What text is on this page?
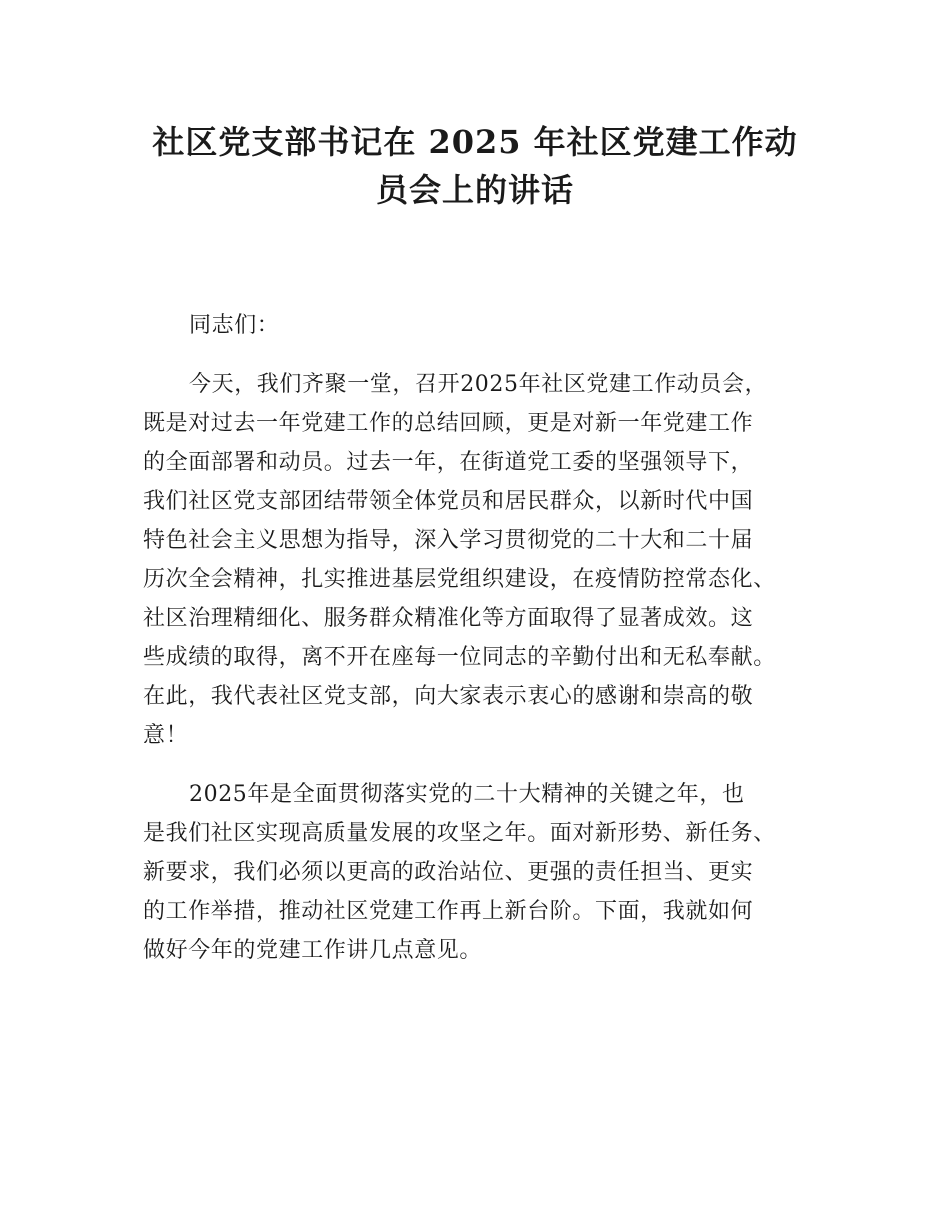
社区党支部书记在 2025 年社区党建工作动
员会上的讲话
同志们：
今天，我们齐聚一堂，召开2025年社区党建工作动员会，
既是对过去一年党建工作的总结回顾，更是对新一年党建工作
的全面部署和动员。过去一年，在街道党工委的坚强领导下，
我们社区党支部团结带领全体党员和居民群众，以新时代中国
特色社会主义思想为指导，深入学习贯彻党的二十大和二十届
历次全会精神，扎实推进基层党组织建设，在疫情防控常态化、
社区治理精细化、服务群众精准化等方面取得了显著成效。这
些成绩的取得，离不开在座每一位同志的辛勤付出和无私奉献。
在此，我代表社区党支部，向大家表示衷心的感谢和崇高的敬
意！
2025年是全面贯彻落实党的二十大精神的关键之年，也
是我们社区实现高质量发展的攻坚之年。面对新形势、新任务、
新要求，我们必须以更高的政治站位、更强的责任担当、更实
的工作举措，推动社区党建工作再上新台阶。下面，我就如何
做好今年的党建工作讲几点意见。
